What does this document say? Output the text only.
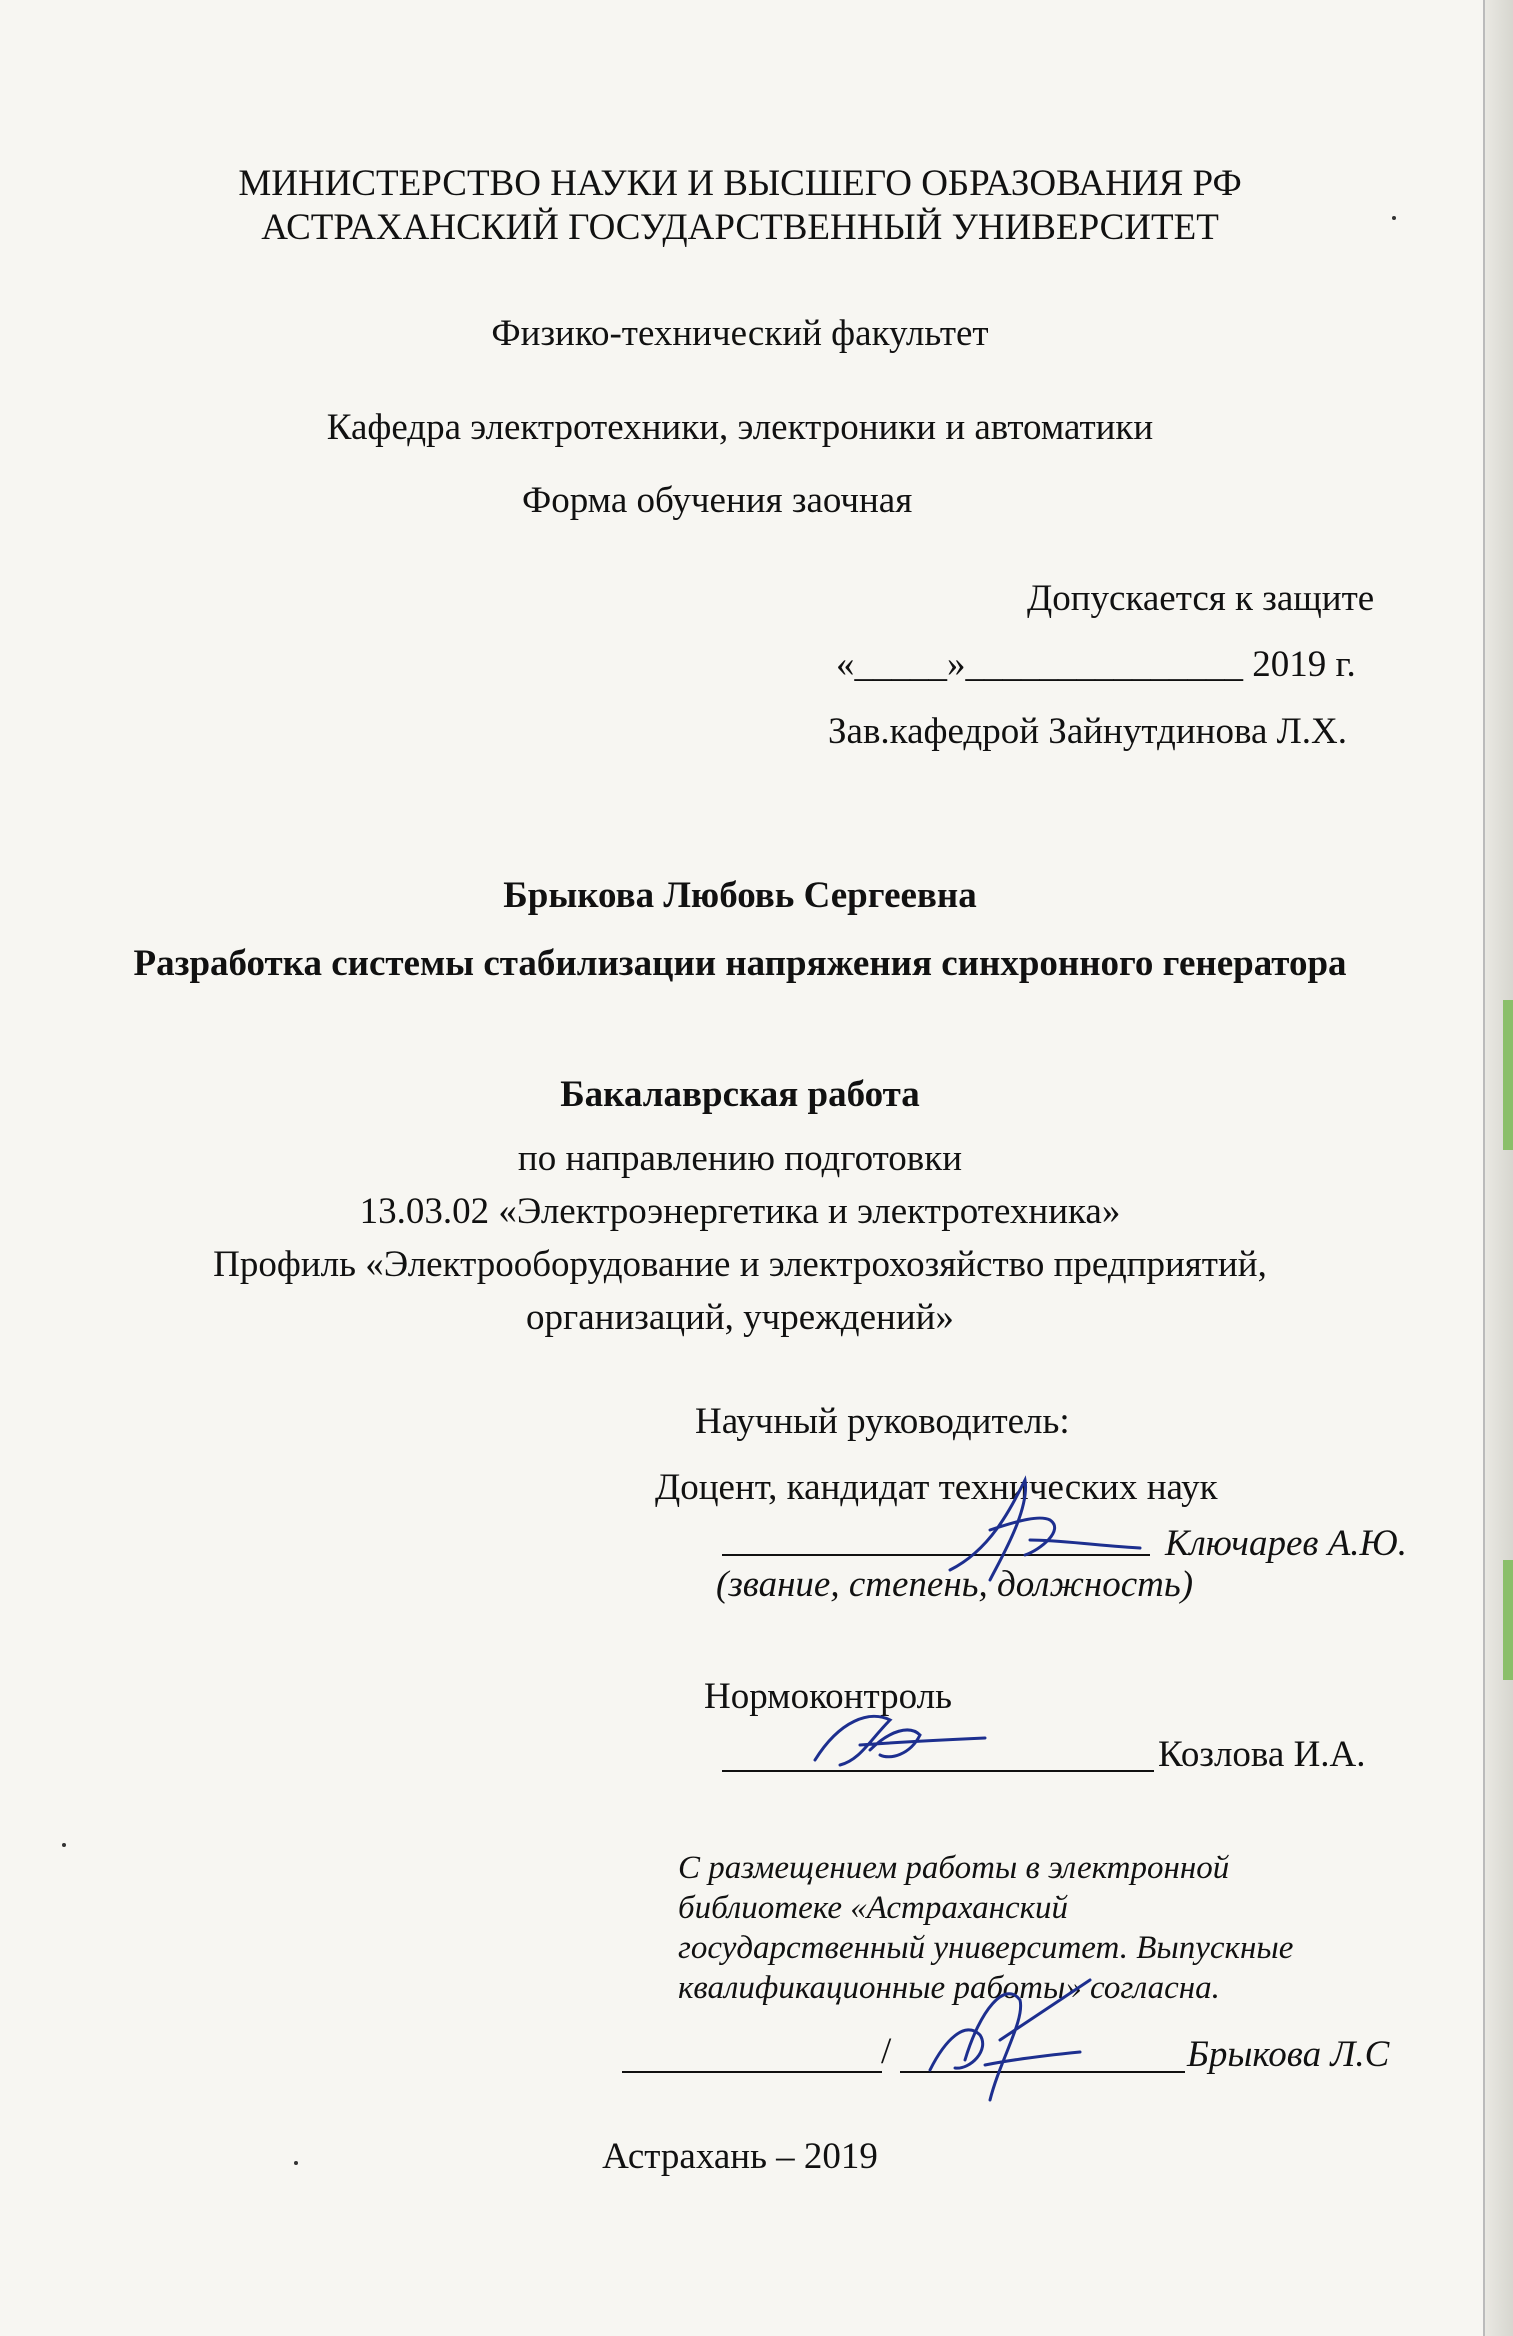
МИНИСТЕРСТВО НАУКИ И ВЫСШЕГО ОБРАЗОВАНИЯ РФ
АСТРАХАНСКИЙ ГОСУДАРСТВЕННЫЙ УНИВЕРСИТЕТ
Физико-технический факультет
Кафедра электротехники, электроники и автоматики
Форма обучения заочная
Допускается к защите
«_____»_______________ 2019 г.
Зав.кафедрой Зайнутдинова Л.Х.
Брыкова Любовь Сергеевна
Разработка системы стабилизации напряжения синхронного генератора
Бакалаврская работа
по направлению подготовки
13.03.02 «Электроэнергетика и электротехника»
Профиль «Электрооборудование и электрохозяйство предприятий,
организаций, учреждений»
Научный руководитель:
Доцент, кандидат технических наук
Ключарев А.Ю.
(звание, степень, должность)
Нормоконтроль
Козлова И.А.
С размещением работы в электронной
библиотеке «Астраханский
государственный университет. Выпускные
квалификационные работы» согласна.
/	Брыкова Л.С
Астрахань – 2019
